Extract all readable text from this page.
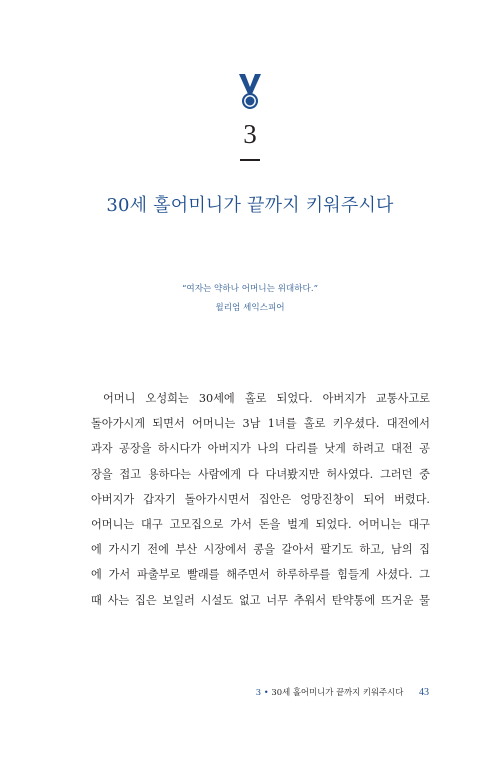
3
30세 홀어미니가 끝까지 키워주시다
“여자는 약하나 어머니는 위대하다.”
윌리엄 셰익스피어
어머니 오성희는 30세에 홀로 되었다. 아버지가 교통사고로
돌아가시게 되면서 어머니는 3남 1녀를 홀로 키우셨다. 대전에서
과자 공장을 하시다가 아버지가 나의 다리를 낫게 하려고 대전 공
장을 접고 용하다는 사람에게 다 다녀봤지만 허사였다. 그러던 중
아버지가 갑자기 돌아가시면서 집안은 엉망진창이 되어 버렸다.
어머니는 대구 고모집으로 가서 돈을 벌게 되었다. 어머니는 대구
에 가시기 전에 부산 시장에서 콩을 갈아서 팔기도 하고, 남의 집
에 가서 파출부로 빨래를 해주면서 하루하루를 힘들게 사셨다. 그
때 사는 집은 보일러 시설도 없고 너무 추워서 탄약통에 뜨거운 물
3 • 30세 홀어미니가 끝까지 키워주시다 43
